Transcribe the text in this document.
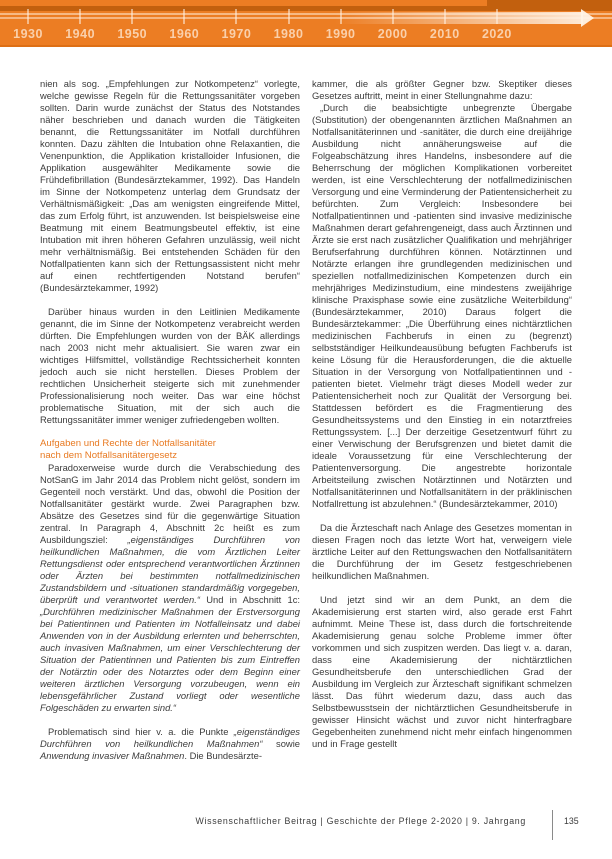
1930	1940	1950	1960	1970	1980	1990	2000	2010	2020

nien als sog. „Empfehlungen zur Notkompetenz“ vorlegte, welche gewisse Regeln für die Rettungssanitäter vorgeben sollten. Darin wurde zunächst der Status des Notstandes näher beschrieben und danach wurden die Tätigkeiten benannt, die Rettungssanitäter im Notfall durchführen konnten. Dazu zählten die Intubation ohne Relaxantien, die Venenpunktion, die Applikation kristalloider Infusionen, die Applikation ausgewählter Medikamente sowie die Frühdefibrillation (Bundesärztekammer, 1992). Das Handeln im Sinne der Notkompetenz unterlag dem Grundsatz der Verhältnismäßigkeit: „Das am wenigsten eingreifende Mittel, das zum Erfolg führt, ist anzuwenden. Ist beispielsweise eine Beatmung mit einem Beatmungsbeutel effektiv, ist eine Intubation mit ihren höheren Gefahren unzulässig, weil nicht mehr verhältnismäßig. Bei entstehenden Schäden für den Notfallpatienten kann sich der Rettungsassistent nicht mehr auf einen rechtfertigenden Notstand berufen“ (Bundesärztekammer, 1992)

Darüber hinaus wurden in den Leitlinien Medikamente genannt, die im Sinne der Notkompetenz verabreicht werden dürften. Die Empfehlungen wurden von der BÄK allerdings nach 2003 nicht mehr aktualisiert. Sie waren zwar ein wichtiges Hilfsmittel, vollständige Rechtssicherheit konnten jedoch auch sie nicht herstellen. Dieses Problem der rechtlichen Unsicherheit steigerte sich mit zunehmender Professionalisierung noch weiter. Das war eine höchst problematische Situation, mit der sich auch die Rettungssanitäter immer weniger zufriedengeben wollten.

Aufgaben und Rechte der Notfallsanitäter
nach dem Notfallsanitätergesetz

Paradoxerweise wurde durch die Verabschiedung des NotSanG im Jahr 2014 das Problem nicht gelöst, sondern im Gegenteil noch verstärkt. Und das, obwohl die Position der Notfallsanitäter gestärkt wurde. Zwei Paragraphen bzw. Absätze des Gesetzes sind für die gegenwärtige Situation zentral. In Paragraph 4, Abschnitt 2c heißt es zum Ausbildungsziel: „eigenständiges Durchführen von heilkundlichen Maßnahmen, die vom Ärztlichen Leiter Rettungsdienst oder entsprechend verantwortlichen Ärztinnen oder Ärzten bei bestimmten notfallmedizinischen Zustandsbildern und -situationen standardmäßig vorgegeben, überprüft und verantwortet werden.“ Und in Abschnitt 1c: „Durchführen medizinischer Maßnahmen der Erstversorgung bei Patientinnen und Patienten im Notfalleinsatz und dabei Anwenden von in der Ausbildung erlernten und beherrschten, auch invasiven Maßnahmen, um einer Verschlechterung der Situation der Patientinnen und Patienten bis zum Eintreffen der Notärztin oder des Notarztes oder dem Beginn einer weiteren ärztlichen Versorgung vorzubeugen, wenn ein lebensgefährlicher Zustand vorliegt oder wesentliche Folgeschäden zu erwarten sind.“

Problematisch sind hier v. a. die Punkte „eigenständiges Durchführen von heilkundlichen Maßnahmen“ sowie Anwendung invasiver Maßnahmen. Die Bundesärzte-

kammer, die als größter Gegner bzw. Skeptiker dieses Gesetzes auftritt, meint in einer Stellungnahme dazu:

„Durch die beabsichtigte unbegrenzte Übergabe (Substitution) der obengenannten ärztlichen Maßnahmen an Notfallsanitäterinnen und -sanitäter, die durch eine dreijährige Ausbildung nicht annäherungsweise auf die Folgeabschätzung ihres Handelns, insbesondere auf die Beherrschung der möglichen Komplikationen vorbereitet werden, ist eine Verschlechterung der notfallmedizinischen Versorgung und eine Verminderung der Patientensicherheit zu befürchten. Zum Vergleich: Insbesondere bei Notfallpatientinnen und -patienten sind invasive medizinische Maßnahmen derart gefahrengeneigt, dass auch Ärztinnen und Ärzte sie erst nach zusätzlicher Qualifikation und mehrjähriger Berufserfahrung durchführen können. Notärztinnen und Notärzte erlangen ihre grundlegenden medizinischen und speziellen notfallmedizinischen Kompetenzen durch ein mehrjähriges Medizinstudium, eine mindestens zweijährige klinische Praxisphase sowie eine zusätzliche Weiterbildung“ (Bundesärztekammer, 2010) Daraus folgert die Bundesärztekammer: „Die Überführung eines nichtärztlichen medizinischen Fachberufs in einen zu (begrenzt) selbstständiger Heilkundeausübung befugten Fachberufs ist keine Lösung für die Herausforderungen, die die aktuelle Situation in der Versorgung von Notfallpatientinnen und -patienten bietet. Vielmehr trägt dieses Modell weder zur Patientensicherheit noch zur Qualität der Versorgung bei. Stattdessen befördert es die Fragmentierung des Gesundheitssystems und den Einstieg in ein notarztfreies Rettungssystem. [...] Der derzeitige Gesetzentwurf führt zu einer Verwischung der Berufsgrenzen und bietet damit die ideale Voraussetzung für eine Verschlechterung der Patientenversorgung. Die angestrebte horizontale Arbeitsteilung zwischen Notärztinnen und Notärzten und Notfallsanitäterinnen und Notfallsanitätern in der präklinischen Notfallrettung ist abzulehnen.“ (Bundesärztekammer, 2010)

Da die Ärzteschaft nach Anlage des Gesetzes momentan in diesen Fragen noch das letzte Wort hat, verweigern viele ärztliche Leiter auf den Rettungswachen den Notfallsanitätern die Durchführung der im Gesetz festgeschriebenen heilkundlichen Maßnahmen.

Und jetzt sind wir an dem Punkt, an dem die Akademisierung erst starten wird, also gerade erst Fahrt aufnimmt. Meine These ist, dass durch die fortschreitende Akademisierung genau solche Probleme immer öfter vorkommen und sich zuspitzen werden. Das liegt v. a. daran, dass eine Akademisierung der nichtärztlichen Gesundheitsberufe den unterschiedlichen Grad der Ausbildung im Vergleich zur Ärzteschaft signifikant schmelzen lässt. Das führt wiederum dazu, dass auch das Selbstbewusstsein der nichtärztlichen Gesundheitsberufe in gewisser Hinsicht wächst und zuvor nicht hinterfragbare Gegebenheiten zunehmend nicht mehr einfach hingenommen und in Frage gestellt

Wissenschaftlicher Beitrag | Geschichte der Pflege 2-2020 | 9. Jahrgang	135
